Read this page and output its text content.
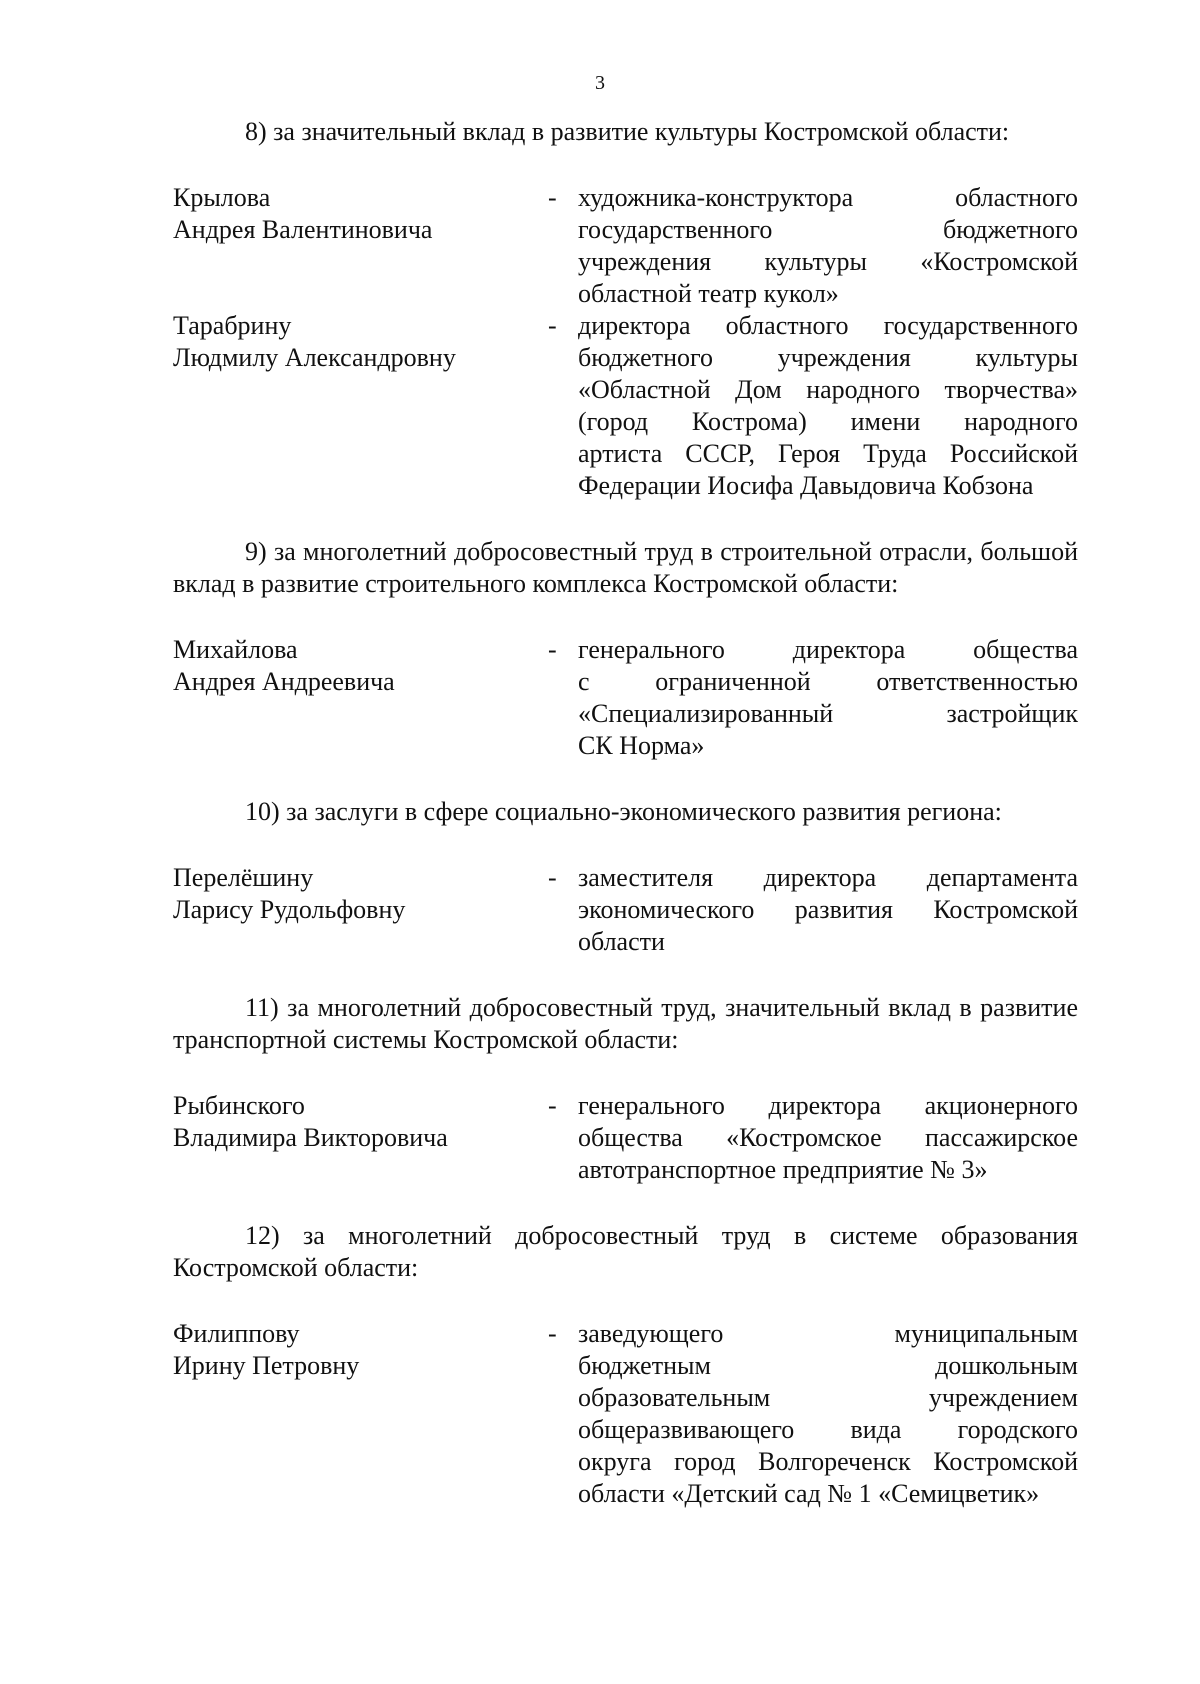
3

8) за значительный вклад в развитие культуры Костромской области:

Крылова
Андрея Валентиновича
- художника-конструктора областного
государственного бюджетного
учреждения культуры «Костромской
областной театр кукол»
Тарабрину
Людмилу Александровну
- директора областного государственного
бюджетного учреждения культуры
«Областной Дом народного творчества»
(город Кострома) имени народного
артиста СССР, Героя Труда Российской
Федерации Иосифа Давыдовича Кобзона

9) за многолетний добросовестный труд в строительной отрасли, большой вклад в развитие строительного комплекса Костромской области:

Михайлова
Андрея Андреевича
- генерального директора общества
с ограниченной ответственностью
«Специализированный застройщик
СК Норма»

10) за заслуги в сфере социально-экономического развития региона:

Перелёшину
Ларису Рудольфовну
- заместителя директора департамента
экономического развития Костромской
области

11) за многолетний добросовестный труд, значительный вклад в развитие транспортной системы Костромской области:

Рыбинского
Владимира Викторовича
- генерального директора акционерного
общества «Костромское пассажирское
автотранспортное предприятие № 3»

12) за многолетний добросовестный труд в системе образования Костромской области:

Филиппову
Ирину Петровну
- заведующего муниципальным
бюджетным дошкольным
образовательным учреждением
общеразвивающего вида городского
округа город Волгореченск Костромской
области «Детский сад № 1 «Семицветик»
